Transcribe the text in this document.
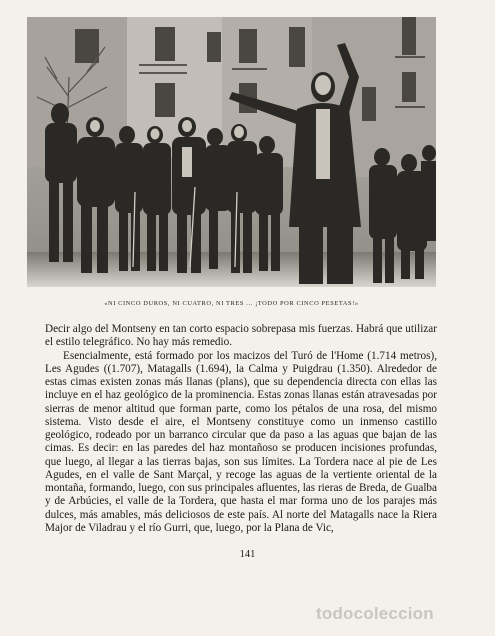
«NI CINCO DUROS, NI CUATRO, NI TRES ... ¡TODO POR CINCO PESETAS!»

Decir algo del Montseny en tan corto espacio sobrepasa mis fuerzas. Habrá que utilizar el estilo telegráfico. No hay más remedio.

Esencialmente, está formado por los macizos del Turó de l'Home (1.714 metros), Les Agudes ((1.707), Matagalls (1.694), la Calma y Puigdrau (1.350). Alrededor de estas cimas existen zonas más llanas (plans), que su dependencia directa con ellas las incluye en el haz geológico de la prominencia. Estas zonas llanas están atravesadas por sierras de menor altitud que forman parte, como los pétalos de una rosa, del mismo sistema. Visto desde el aire, el Montseny constituye como un inmenso castillo geológico, rodeado por un barranco circular que da paso a las aguas que bajan de las cimas. Es decir: en las paredes del haz montañoso se producen incisiones profundas, que luego, al llegar a las tierras bajas, son sus límites. La Tordera nace al pie de Les Agudes, en el valle de Sant Marçal, y recoge las aguas de la vertiente oriental de la montaña, formando, luego, con sus principales afluentes, las rieras de Breda, de Gualba y de Arbúcies, el valle de la Tordera, que hasta el mar forma uno de los parajes más dulces, más amables, más deliciosos de este país. Al norte del Matagalls nace la Riera Major de Viladrau y el río Gurri, que, luego, por la Plana de Vic,

141
todocoleccion
